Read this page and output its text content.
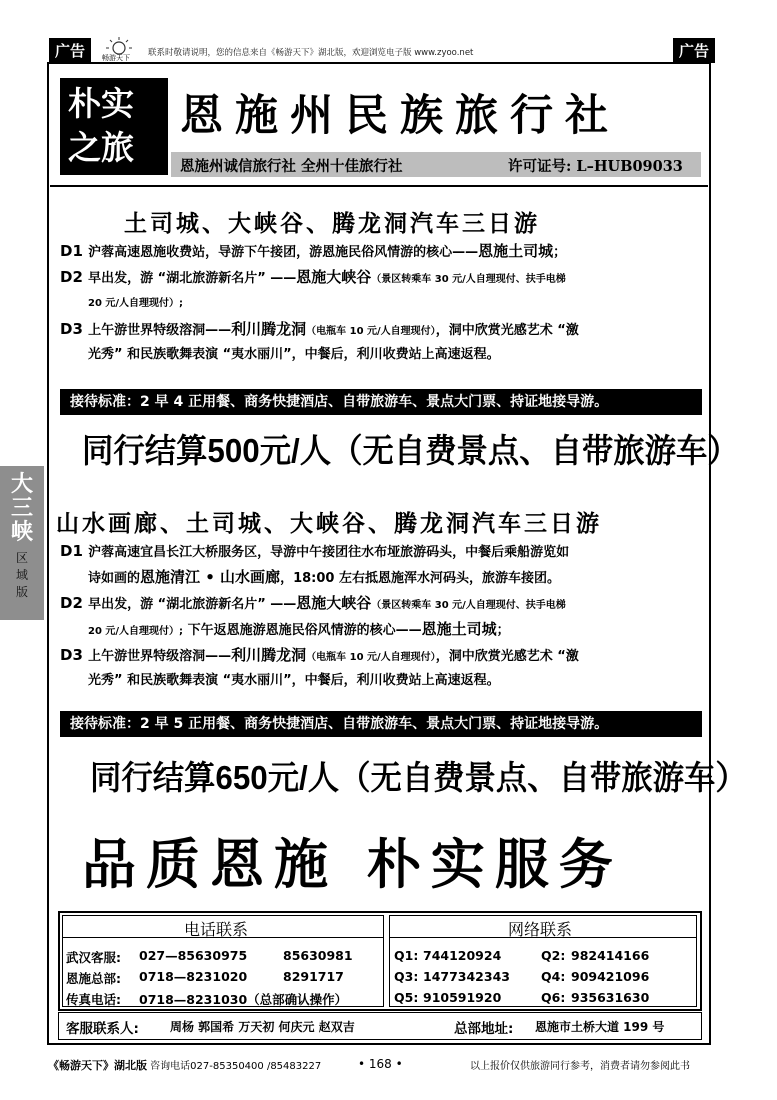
广告	畅游天下 联系时敬请说明，您的信息来自《畅游天下》湖北版，欢迎浏览电子版 www.zyoo.net	广告
朴实
之旅
恩施州民族旅行社
恩施州诚信旅行社 全州十佳旅行社	许可证号: L–HUB09033
大
三
峡
区
域
版
土司城、大峡谷、腾龙洞汽车三日游
D1 沪蓉高速恩施收费站，导游下午接团，游恩施民俗风情游的核心——恩施土司城；
D2 早出发，游 “湖北旅游新名片” ——恩施大峡谷（景区转乘车 30 元/人自理现付、扶手电梯
20 元/人自理现付）;
D3 上午游世界特级溶洞——利川腾龙洞（电瓶车 10 元/人自理现付），洞中欣赏光感艺术 “激
光秀” 和民族歌舞表演 “夷水丽川”，中餐后，利川收费站上高速返程。
接待标准：2 早 4 正用餐、商务快捷酒店、自带旅游车、景点大门票、持证地接导游。
同行结算500元/人（无自费景点、自带旅游车）
山水画廊、土司城、大峡谷、腾龙洞汽车三日游
D1 沪蓉高速宜昌长江大桥服务区，导游中午接团往水布垭旅游码头，中餐后乘船游览如
诗如画的恩施清江 • 山水画廊，18:00 左右抵恩施浑水河码头，旅游车接团。
D2 早出发，游 “湖北旅游新名片” ——恩施大峡谷（景区转乘车 30 元/人自理现付、扶手电梯
20 元/人自理现付）; 下午返恩施游恩施民俗风情游的核心——恩施土司城；
D3 上午游世界特级溶洞——利川腾龙洞（电瓶车 10 元/人自理现付），洞中欣赏光感艺术 “激
光秀” 和民族歌舞表演 “夷水丽川”，中餐后，利川收费站上高速返程。
接待标准：2 早 5 正用餐、商务快捷酒店、自带旅游车、景点大门票、持证地接导游。
同行结算650元/人（无自费景点、自带旅游车）
品质恩施 朴实服务
电话联系	网络联系
武汉客服: 027—85630975	85630981
恩施总部: 0718—8231020	8291717
传真电话: 0718—8231030（总部确认操作）
Q1: 744120924	Q2: 982414166
Q3: 1477342343 Q4: 909421096
Q5: 910591920	Q6: 935631630
客服联系人:	周杨 郭国希 万天初 何庆元 赵双吉	总部地址: 恩施市土桥大道 199 号
《畅游天下》湖北版 咨询电话027-85350400 /85483227	• 168 •	以上报价仅供旅游同行参考，消费者请勿参阅此书
